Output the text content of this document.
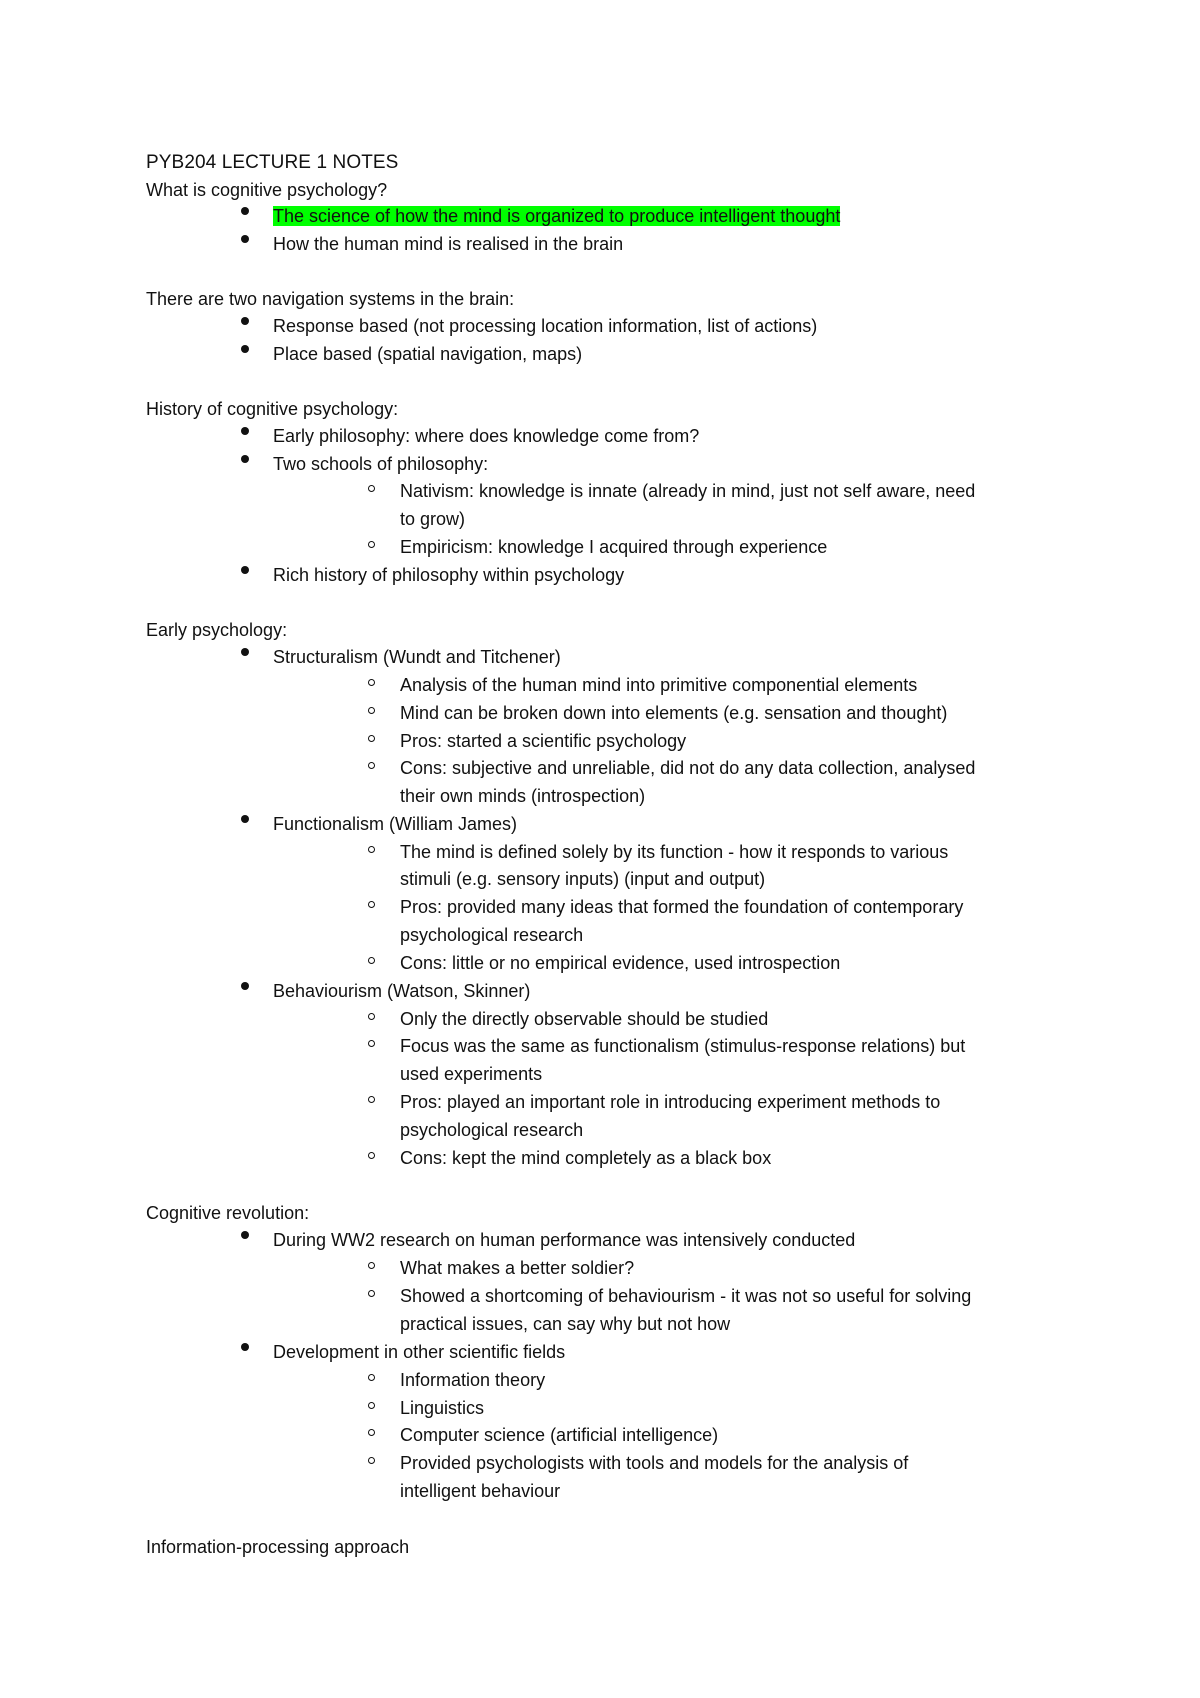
PYB204 LECTURE 1 NOTES
What is cognitive psychology?
The science of how the mind is organized to produce intelligent thought
How the human mind is realised in the brain
There are two navigation systems in the brain:
Response based (not processing location information, list of actions)
Place based (spatial navigation, maps)
History of cognitive psychology:
Early philosophy: where does knowledge come from?
Two schools of philosophy:
Nativism: knowledge is innate (already in mind, just not self aware, need
to grow)
Empiricism: knowledge I acquired through experience
Rich history of philosophy within psychology
Early psychology:
Structuralism (Wundt and Titchener)
Analysis of the human mind into primitive componential elements
Mind can be broken down into elements (e.g. sensation and thought)
Pros: started a scientific psychology
Cons: subjective and unreliable, did not do any data collection, analysed
their own minds (introspection)
Functionalism (William James)
The mind is defined solely by its function - how it responds to various
stimuli (e.g. sensory inputs) (input and output)
Pros: provided many ideas that formed the foundation of contemporary
psychological research
Cons: little or no empirical evidence, used introspection
Behaviourism (Watson, Skinner)
Only the directly observable should be studied
Focus was the same as functionalism (stimulus-response relations) but
used experiments
Pros: played an important role in introducing experiment methods to
psychological research
Cons: kept the mind completely as a black box
Cognitive revolution:
During WW2 research on human performance was intensively conducted
What makes a better soldier?
Showed a shortcoming of behaviourism - it was not so useful for solving
practical issues, can say why but not how
Development in other scientific fields
Information theory
Linguistics
Computer science (artificial intelligence)
Provided psychologists with tools and models for the analysis of
intelligent behaviour
Information-processing approach
